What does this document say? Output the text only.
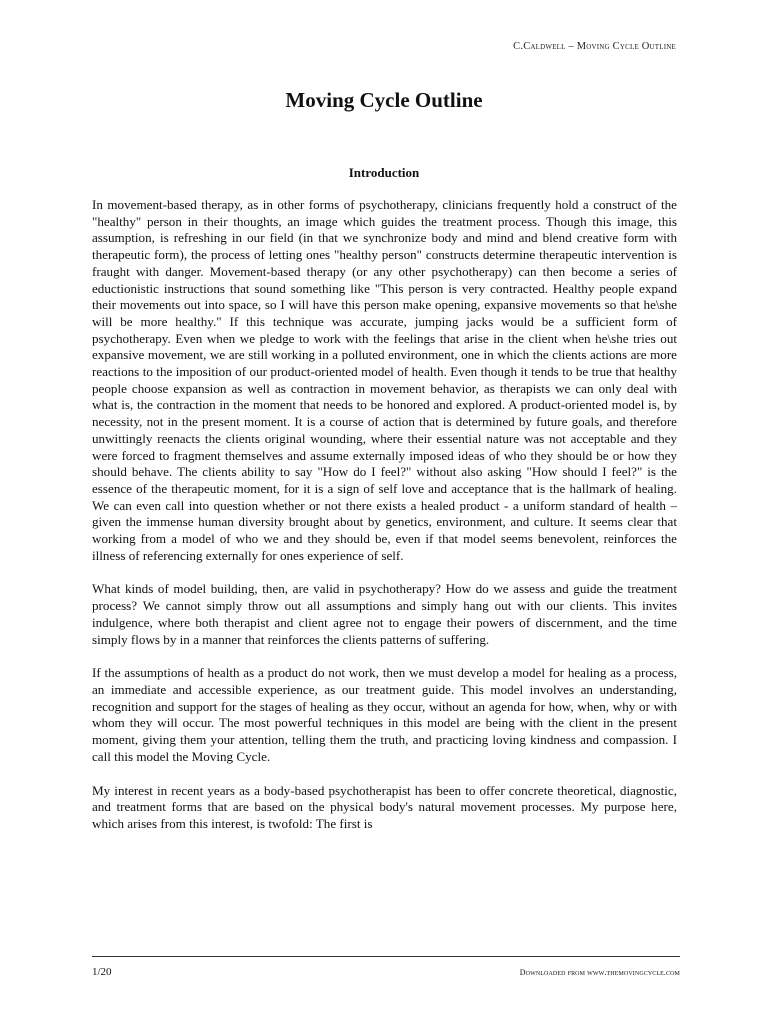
C.Caldwell – Moving Cycle Outline
Moving Cycle Outline
Introduction

In movement-based therapy, as in other forms of psychotherapy, clinicians frequently hold a construct of the "healthy" person in their thoughts, an image which guides the treatment process. Though this image, this assumption, is refreshing in our field (in that we synchronize body and mind and blend creative form with therapeutic form), the process of letting ones "healthy person" constructs determine therapeutic intervention is fraught with danger. Movement-based therapy (or any other psychotherapy) can then become a series of eductionistic instructions that sound something like "This person is very contracted. Healthy people expand their movements out into space, so I will have this person make opening, expansive movements so that he\she will be more healthy." If this technique was accurate, jumping jacks would be a sufficient form of psychotherapy. Even when we pledge to work with the feelings that arise in the client when he\she tries out expansive movement, we are still working in a polluted environment, one in which the clients actions are more reactions to the imposition of our product-oriented model of health. Even though it tends to be true that healthy people choose expansion as well as contraction in movement behavior, as therapists we can only deal with what is, the contraction in the moment that needs to be honored and explored. A product-oriented model is, by necessity, not in the present moment. It is a course of action that is determined by future goals, and therefore unwittingly reenacts the clients original wounding, where their essential nature was not acceptable and they were forced to fragment themselves and assume externally imposed ideas of who they should be or how they should behave. The clients ability to say "How do I feel?" without also asking "How should I feel?" is the essence of the therapeutic moment, for it is a sign of self love and acceptance that is the hallmark of healing. We can even call into question whether or not there exists a healed product - a uniform standard of health – given the immense human diversity brought about by genetics, environment, and culture. It seems clear that working from a model of who we and they should be, even if that model seems benevolent, reinforces the illness of referencing externally for ones experience of self.

What kinds of model building, then, are valid in psychotherapy? How do we assess and guide the treatment process? We cannot simply throw out all assumptions and simply hang out with our clients. This invites indulgence, where both therapist and client agree not to engage their powers of discernment, and the time simply flows by in a manner that reinforces the clients patterns of suffering.

If the assumptions of health as a product do not work, then we must develop a model for healing as a process, an immediate and accessible experience, as our treatment guide. This model involves an understanding, recognition and support for the stages of healing as they occur, without an agenda for how, when, why or with whom they will occur. The most powerful techniques in this model are being with the client in the present moment, giving them your attention, telling them the truth, and practicing loving kindness and compassion. I call this model the Moving Cycle.

My interest in recent years as a body-based psychotherapist has been to offer concrete theoretical, diagnostic, and treatment forms that are based on the physical body's natural movement processes. My purpose here, which arises from this interest, is twofold: The first is

1/20	Downloaded from www.themovingcycle.com
